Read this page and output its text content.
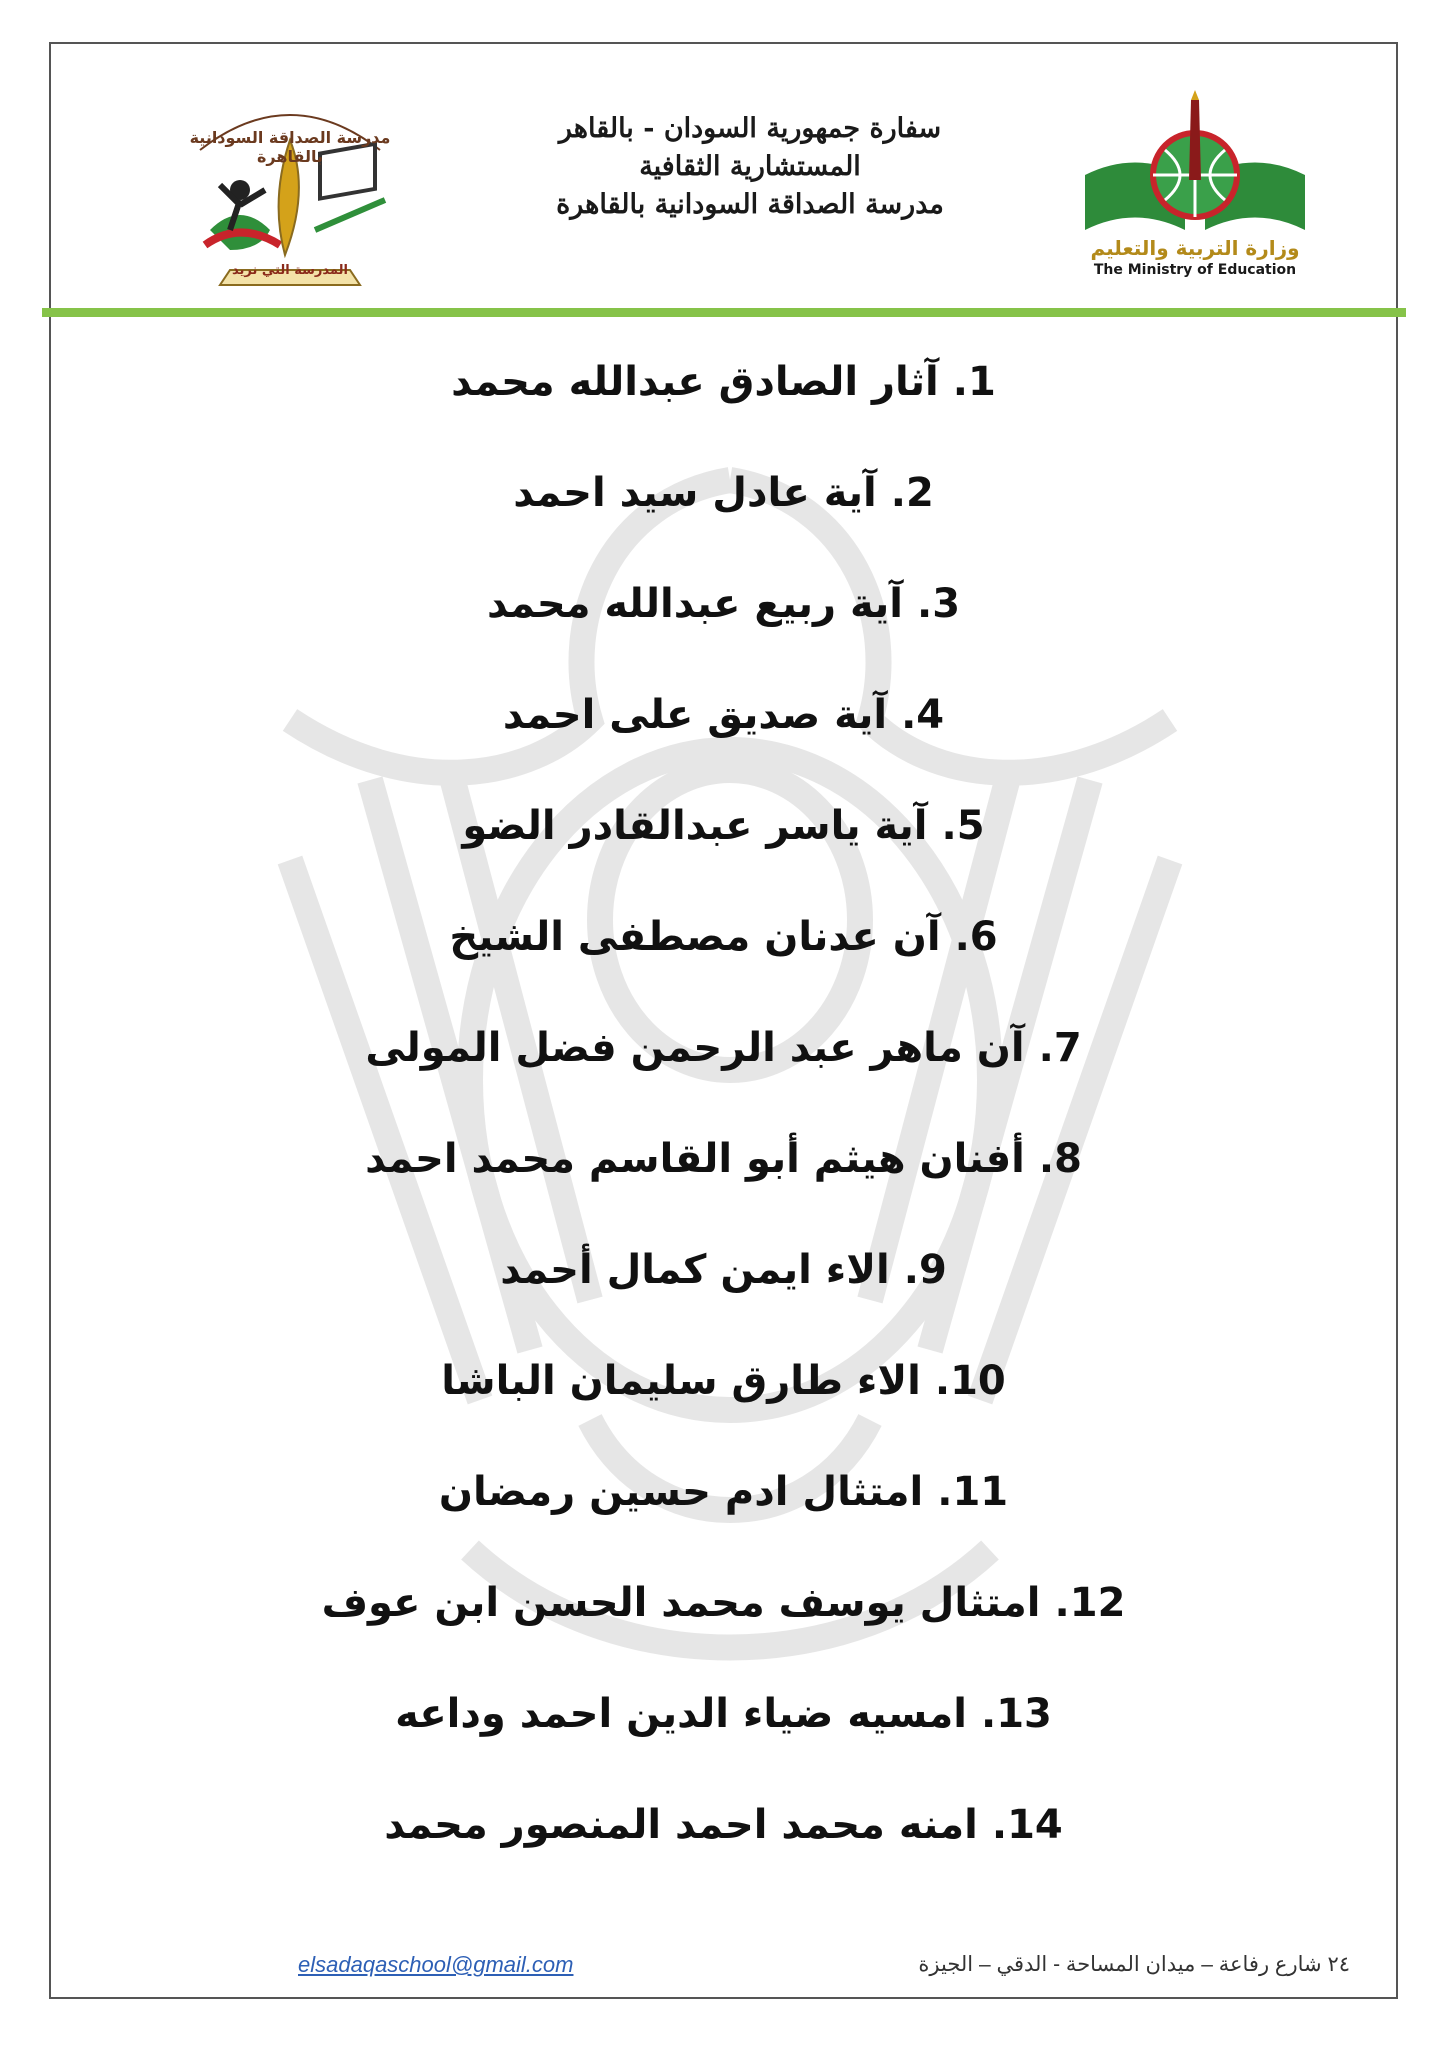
وزارة التربية والتعليم
The Ministry of Education
مدرسة الصداقة السودانية بالقاهرة
المدرسة التي نريد
سفارة جمهورية السودان - بالقاهر
المستشارية الثقافية
مدرسة الصداقة السودانية بالقاهرة
1.آثار الصادق عبدالله محمد
2.آية عادل سيد احمد
3.آية ربيع عبدالله محمد
4.آية صديق على احمد
5.آية ياسر عبدالقادر الضو
6.آن عدنان مصطفى الشيخ
7.آن ماهر عبد الرحمن فضل المولى
8.أفنان هيثم أبو القاسم محمد احمد
9.الاء ايمن كمال أحمد
10.الاء طارق سليمان الباشا
11.امتثال ادم حسين رمضان
12.امتثال يوسف محمد الحسن ابن عوف
13.امسيه ضياء الدين احمد وداعه
14.امنه محمد احمد المنصور محمد
elsadaqaschool@gmail.com	٢٤ شارع رفاعة – ميدان المساحة - الدقي – الجيزة
